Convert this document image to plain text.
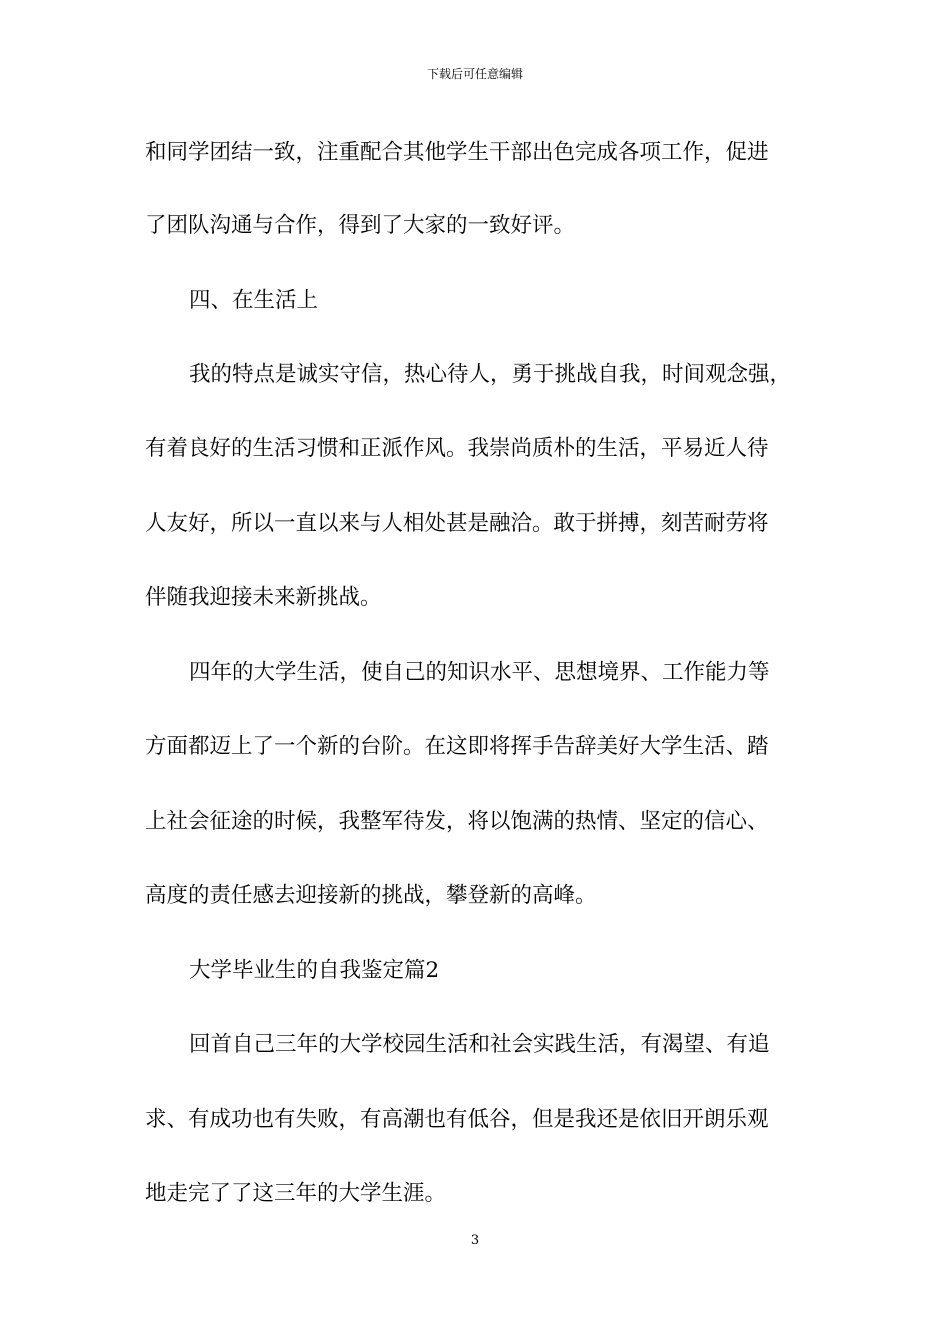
下载后可任意编辑
和同学团结一致，注重配合其他学生干部出色完成各项工作，促进
了团队沟通与合作，得到了大家的一致好评。
四、在生活上
我的特点是诚实守信，热心待人，勇于挑战自我，时间观念强，
有着良好的生活习惯和正派作风。我崇尚质朴的生活，平易近人待
人友好，所以一直以来与人相处甚是融洽。敢于拼搏，刻苦耐劳将
伴随我迎接未来新挑战。
四年的大学生活，使自己的知识水平、思想境界、工作能力等
方面都迈上了一个新的台阶。在这即将挥手告辞美好大学生活、踏
上社会征途的时候，我整军待发，将以饱满的热情、坚定的信心、
高度的责任感去迎接新的挑战，攀登新的高峰。
大学毕业生的自我鉴定篇2
回首自己三年的大学校园生活和社会实践生活，有渴望、有追
求、有成功也有失败，有高潮也有低谷，但是我还是依旧开朗乐观
地走完了了这三年的大学生涯。
3
